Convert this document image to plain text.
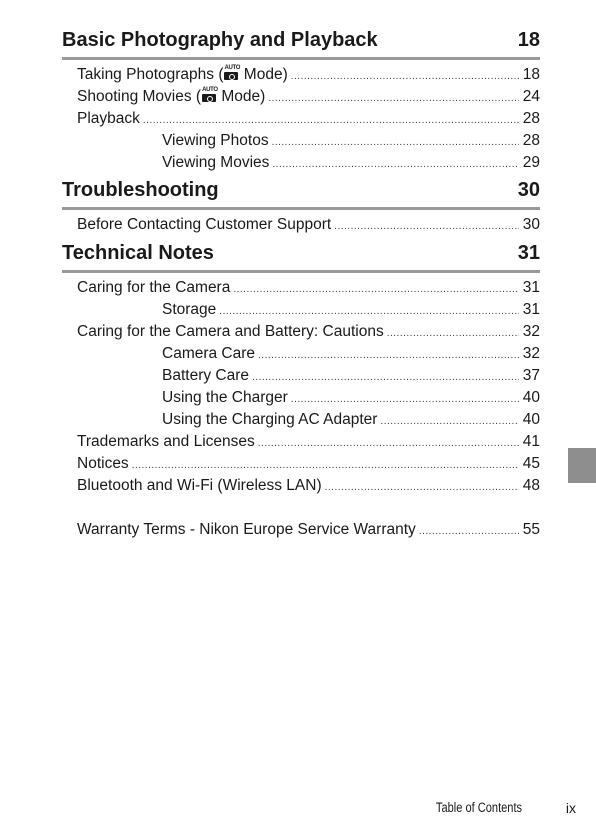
Basic Photography and Playback	18
Taking Photographs ( AUTO Mode) .....	18
Shooting Movies ( AUTO Mode) .....	24
Playback .....	28
Viewing Photos .....	28
Viewing Movies .....	29
Troubleshooting	30
Before Contacting Customer Support .....	30
Technical Notes	31
Caring for the Camera .....	31
Storage .....	31
Caring for the Camera and Battery: Cautions .....	32
Camera Care .....	32
Battery Care .....	37
Using the Charger .....	40
Using the Charging AC Adapter .....	40
Trademarks and Licenses .....	41
Notices .....	45
Bluetooth and Wi-Fi (Wireless LAN) .....	48
Warranty Terms - Nikon Europe Service Warranty .....	55
Table of Contents	ix
